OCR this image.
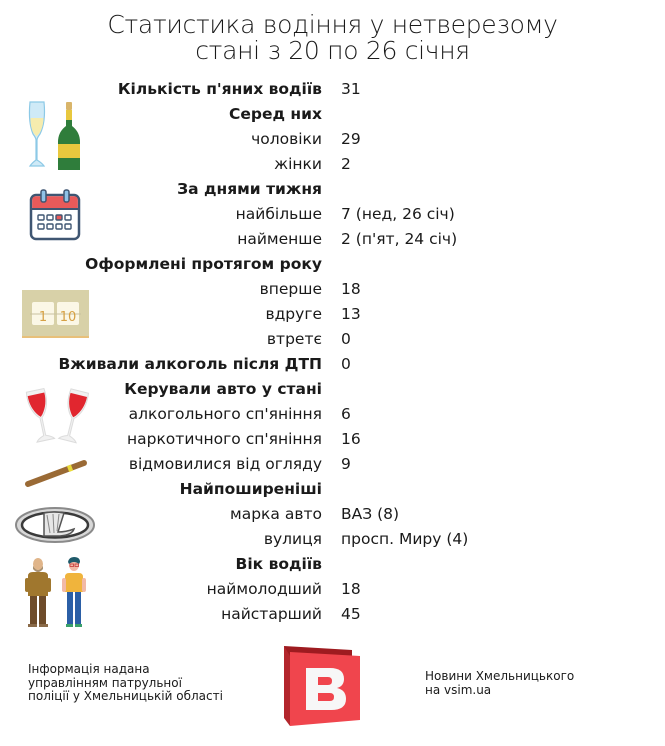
Статистика водіння у нетверезому
стані з 20 по 26 січня
Кількість п'яних водіїв 31
Серед них
чоловіки 29
жінки 2
За днями тижня
найбільше 7 (нед, 26 січ)
найменше 2 (п'ят, 24 січ)
Оформлені протягом року
вперше 18
вдруге 13
втретє 0
Вживали алкоголь після ДТП 0
Керували авто у стані
алкогольного сп'яніння 6
наркотичного сп'яніння 16
відмовилися від огляду 9
Найпоширеніші
марка авто ВАЗ (8)
вулиця просп. Миру (4)
Вік водіїв
наймолодший 18
найстарший 45
1 10
Інформація надана
управлінням патрульної
поліції у Хмельницькій області
Новини Хмельницького
на vsim.ua
